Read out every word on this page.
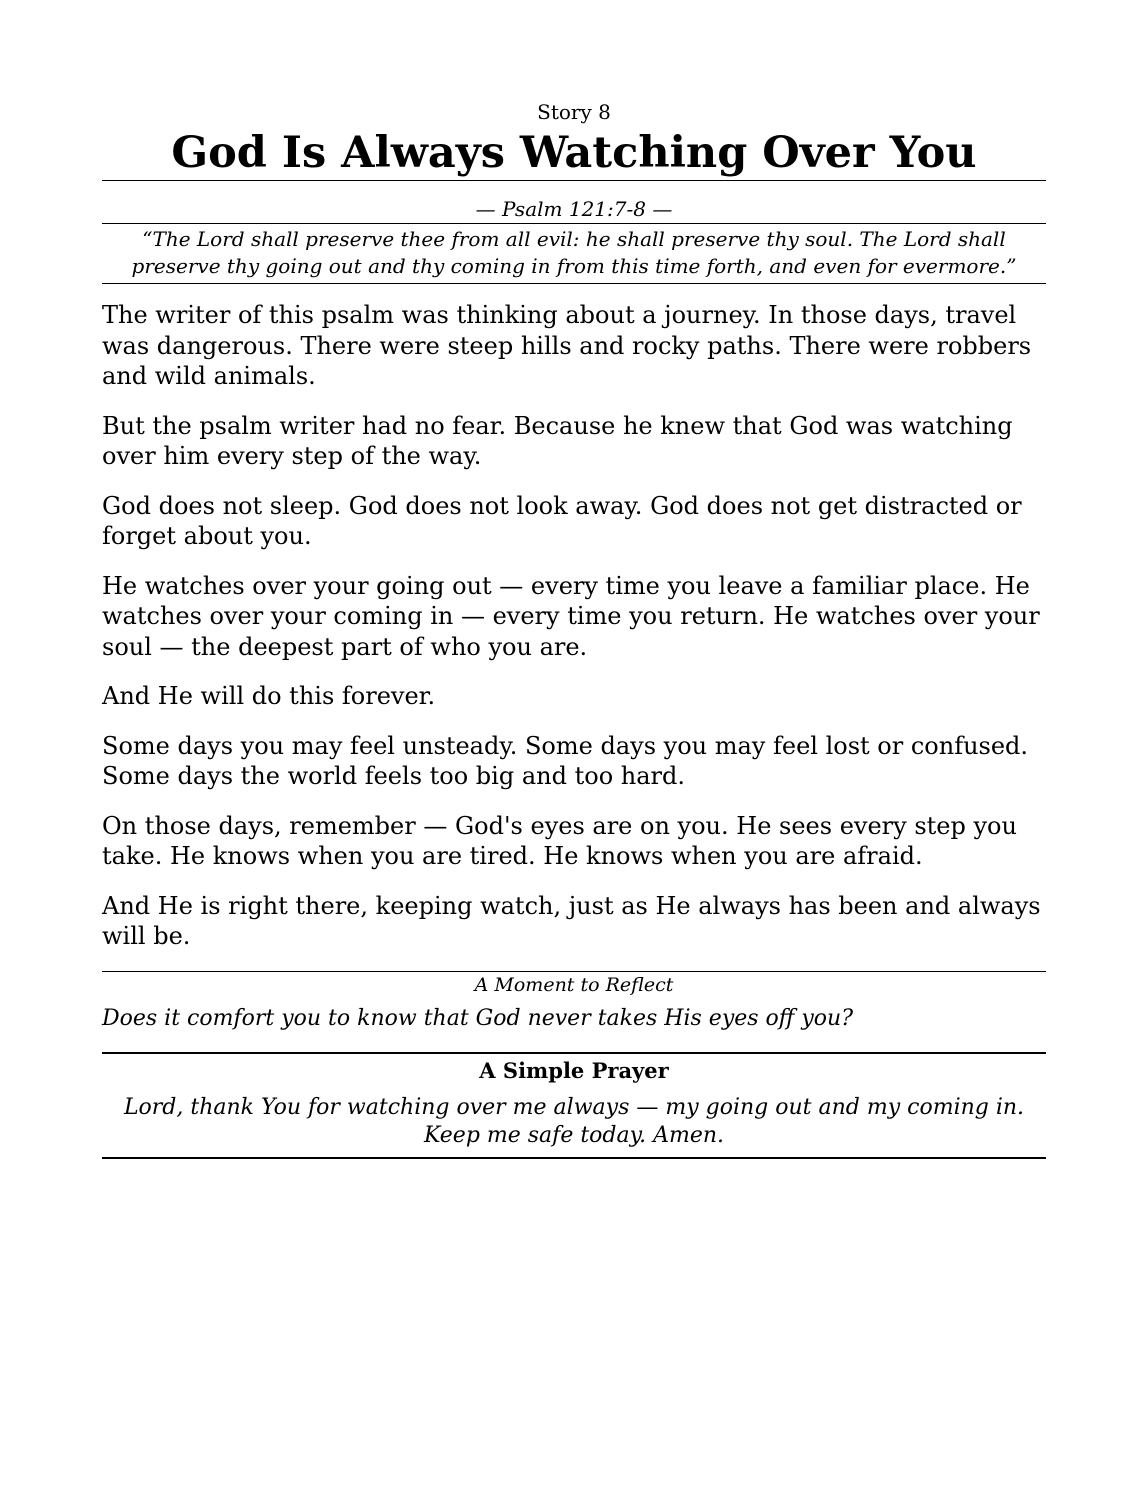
Story 8

God Is Always Watching Over You

— Psalm 121:7-8 —

“The Lord shall preserve thee from all evil: he shall preserve thy soul. The Lord shall preserve thy going out and thy coming in from this time forth, and even for evermore.”

The writer of this psalm was thinking about a journey. In those days, travel was dangerous. There were steep hills and rocky paths. There were robbers and wild animals.

But the psalm writer had no fear. Because he knew that God was watching over him every step of the way.

God does not sleep. God does not look away. God does not get distracted or forget about you.

He watches over your going out — every time you leave a familiar place. He watches over your coming in — every time you return. He watches over your soul — the deepest part of who you are.

And He will do this forever.

Some days you may feel unsteady. Some days you may feel lost or confused. Some days the world feels too big and too hard.

On those days, remember — God's eyes are on you. He sees every step you take. He knows when you are tired. He knows when you are afraid.

And He is right there, keeping watch, just as He always has been and always will be.

A Moment to Reflect

Does it comfort you to know that God never takes His eyes off you?

A Simple Prayer

Lord, thank You for watching over me always — my going out and my coming in. Keep me safe today. Amen.
